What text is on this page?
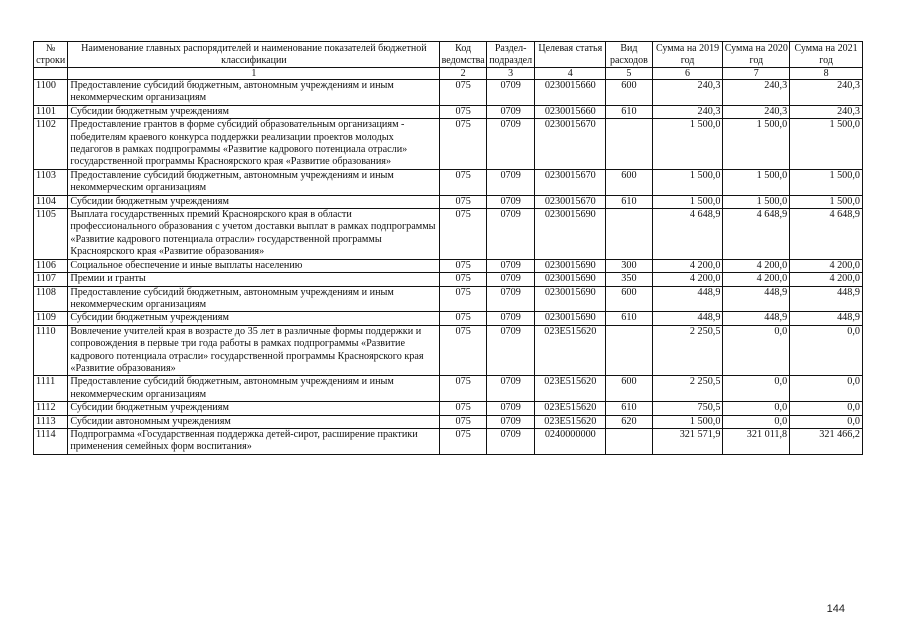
№ строки	Наименование главных распорядителей и наименование показателей бюджетной классификации	Код ведомства	Раздел-подраздел	Целевая статья	Вид расходов	Сумма на 2019 год	Сумма на 2020 год	Сумма на 2021 год
	1	2	3	4	5	6	7	8
1100	Предоставление субсидий бюджетным, автономным учреждениям и иным некоммерческим организациям	075	0709	0230015660	600	240,3	240,3	240,3
1101	Субсидии бюджетным учреждениям	075	0709	0230015660	610	240,3	240,3	240,3
1102	Предоставление грантов в форме субсидий образовательным организациям - победителям краевого конкурса поддержки реализации проектов молодых педагогов в рамках подпрограммы «Развитие кадрового потенциала отрасли» государственной программы Красноярского края «Развитие образования»	075	0709	0230015670		1 500,0	1 500,0	1 500,0
1103	Предоставление субсидий бюджетным, автономным учреждениям и иным некоммерческим организациям	075	0709	0230015670	600	1 500,0	1 500,0	1 500,0
1104	Субсидии бюджетным учреждениям	075	0709	0230015670	610	1 500,0	1 500,0	1 500,0
1105	Выплата государственных премий Красноярского края в области профессионального образования с учетом доставки выплат в рамках подпрограммы «Развитие кадрового потенциала отрасли» государственной программы Красноярского края «Развитие образования»	075	0709	0230015690		4 648,9	4 648,9	4 648,9
1106	Социальное обеспечение и иные выплаты населению	075	0709	0230015690	300	4 200,0	4 200,0	4 200,0
1107	Премии и гранты	075	0709	0230015690	350	4 200,0	4 200,0	4 200,0
1108	Предоставление субсидий бюджетным, автономным учреждениям и иным некоммерческим организациям	075	0709	0230015690	600	448,9	448,9	448,9
1109	Субсидии бюджетным учреждениям	075	0709	0230015690	610	448,9	448,9	448,9
1110	Вовлечение учителей края в возрасте до 35 лет в различные формы поддержки и сопровождения в первые три года работы в рамках подпрограммы «Развитие кадрового потенциала отрасли» государственной программы Красноярского края «Развитие образования»	075	0709	023E515620		2 250,5	0,0	0,0
1111	Предоставление субсидий бюджетным, автономным учреждениям и иным некоммерческим организациям	075	0709	023E515620	600	2 250,5	0,0	0,0
1112	Субсидии бюджетным учреждениям	075	0709	023E515620	610	750,5	0,0	0,0
1113	Субсидии автономным учреждениям	075	0709	023E515620	620	1 500,0	0,0	0,0
1114	Подпрограмма «Государственная поддержка детей-сирот, расширение практики применения семейных форм воспитания»	075	0709	0240000000		321 571,9	321 011,8	321 466,2
144
